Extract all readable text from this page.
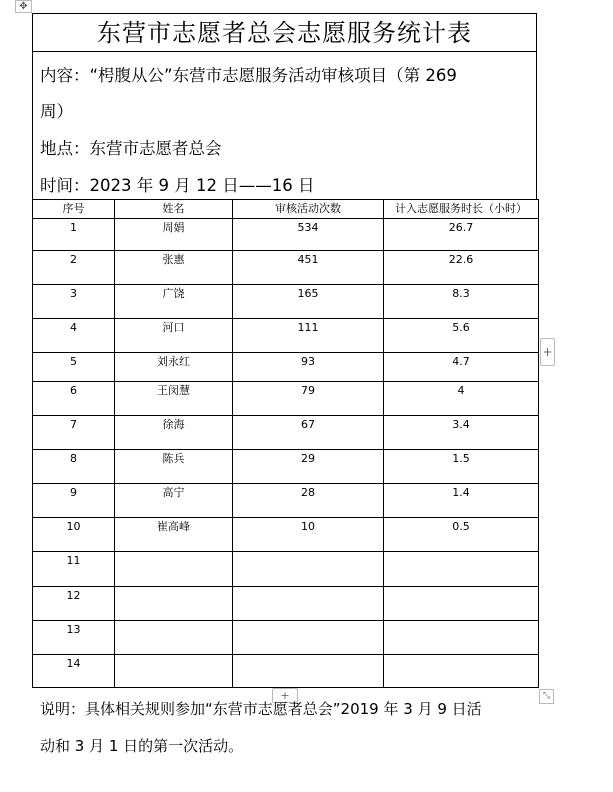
✥
东营市志愿者总会志愿服务统计表
内容：“枵腹从公”东营市志愿服务活动审核项目（第 269
周）
地点：东营市志愿者总会
时间：2023 年 9 月 12 日——16 日
序号	姓名	审核活动次数	计入志愿服务时长（小时）
1	周娟	534	26.7
2	张惠	451	22.6
3	广饶	165	8.3
4	河口	111	5.6
5	刘永红	93	4.7
6	王闵慧	79	4
7	徐海	67	3.4
8	陈兵	29	1.5
9	高宁	28	1.4
10	崔高峰	10	0.5
11			
12			
13			
14			
+
+	⤡
说明：具体相关规则参加“东营市志愿者总会”2019 年 3 月 9 日活
动和 3 月 1 日的第一次活动。
